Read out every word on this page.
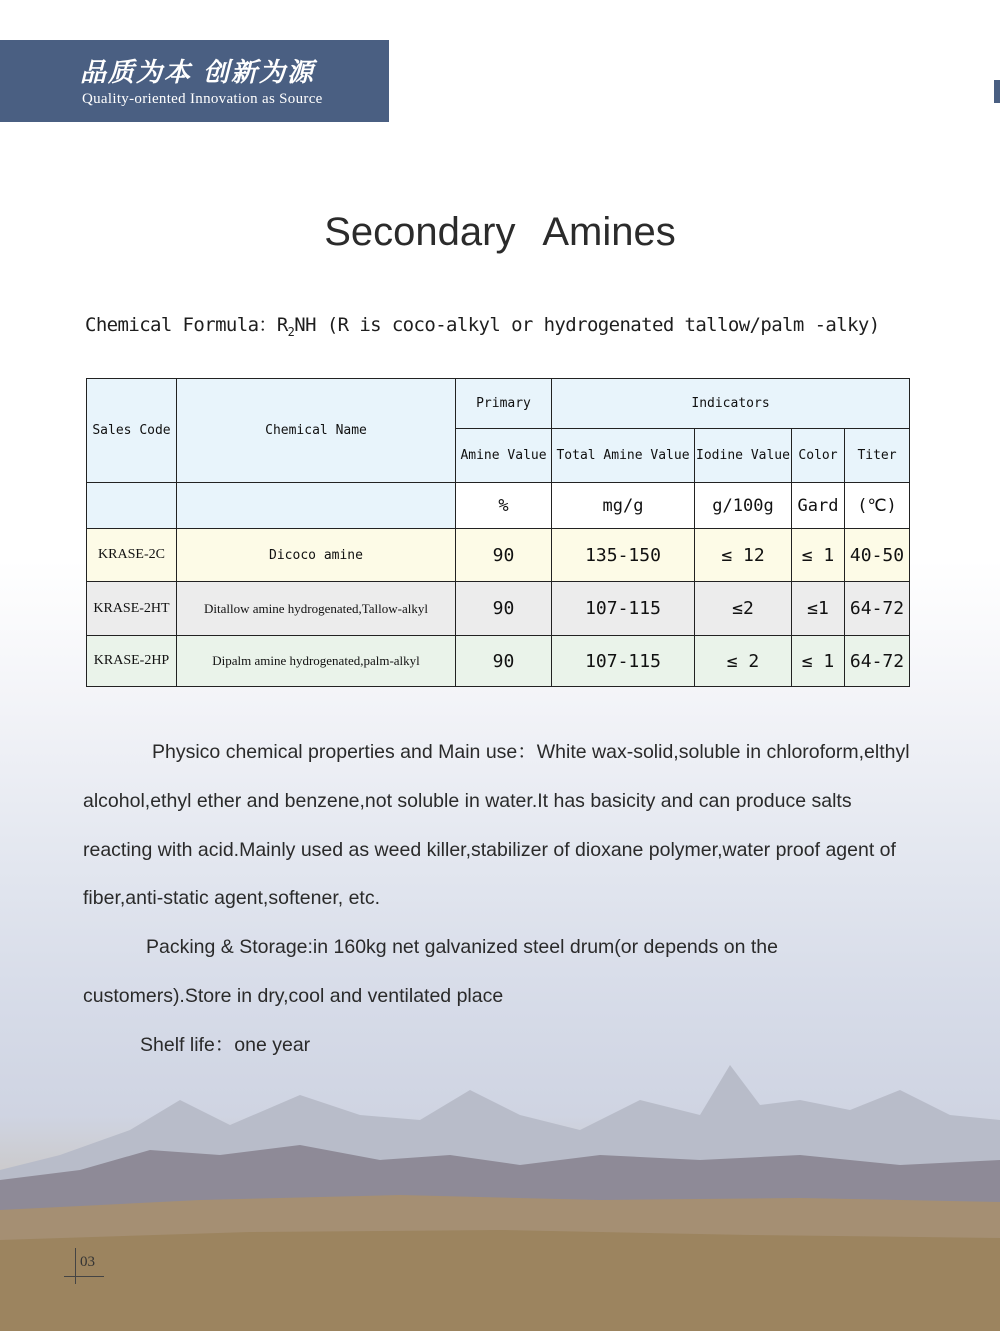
品质为本 创新为源
Quality-oriented Innovation as Source
Secondary Amines
Chemical Formula：$R_2NH$ (R is coco-alkyl or hydrogenated tallow/palm -alky)
Sales Code	Chemical Name	Primary	Indicators			
		Amine Value	Total Amine Value	Iodine Value	Color	Titer
		%	mg/g	g/100g	Gard	(℃)
KRASE-2C	Dicoco amine	90	135-150	≤ 12	≤ 1	40-50
KRASE-2HT	Ditallow amine hydrogenated,Tallow-alkyl	90	107-115	≤2	≤1	64-72
KRASE-2HP	Dipalm amine hydrogenated,palm-alkyl	90	107-115	≤ 2	≤ 1	64-72

Physico chemical properties and Main use：White wax-solid,soluble in chloroform,elthyl alcohol,ethyl ether and benzene,not soluble in water.It has basicity and can produce salts reacting with acid.Mainly used as weed killer,stabilizer of dioxane polymer,water proof agent of fiber,anti-static agent,softener, etc.

Packing & Storage:in 160kg net galvanized steel drum(or depends on the customers).Store in dry,cool and ventilated place

Shelf life：one year

03
